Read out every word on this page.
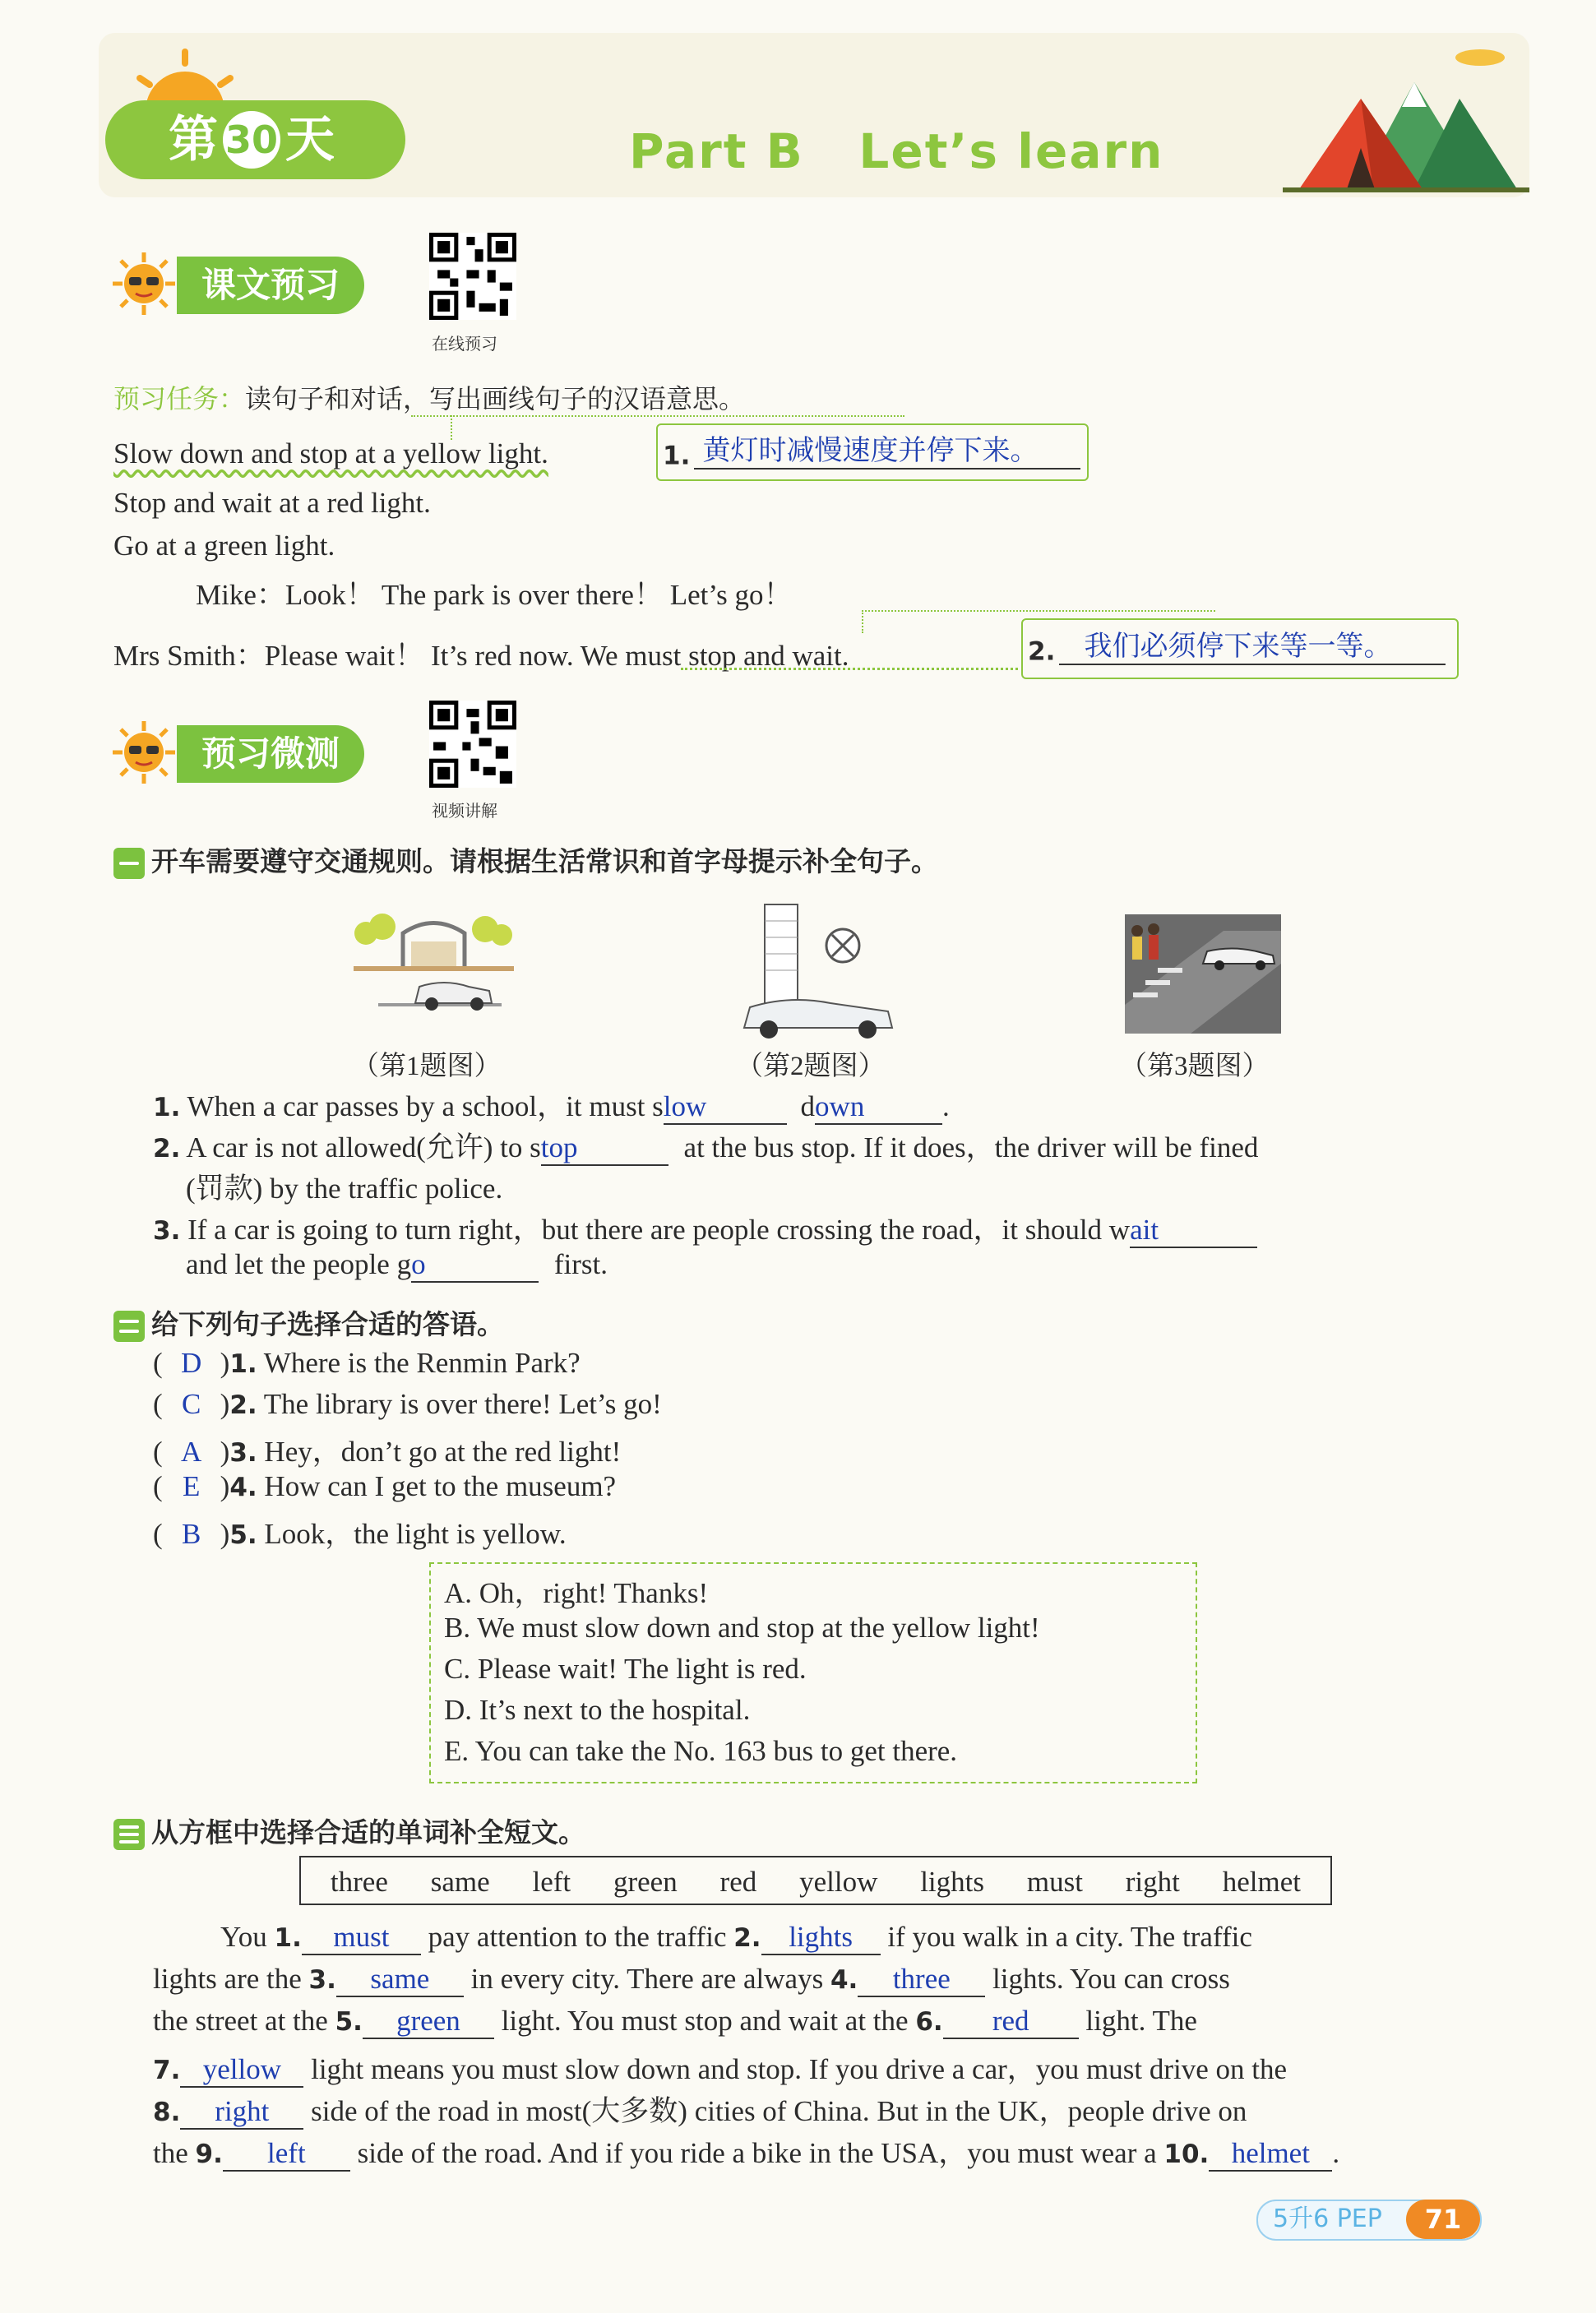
第 30 天	Part B   Let’s learn
课文预习
在线预习
预习任务：读句子和对话，写出画线句子的汉语意思。
Slow down and stop at a yellow light.
Stop and wait at a red light.
Go at a green light.
Mike：Look！ The park is over there！ Let’s go！
Mrs Smith：Please wait！ It’s red now. We must stop and wait.
1. 黄灯时减慢速度并停下来。
2. 我们必须停下来等一等。
预习微测
视频讲解
开车需要遵守交通规则。请根据生活常识和首字母提示补全句子。
（第1题图）	（第2题图）	（第3题图）
1. When a car passes by a school，it must slow	down	.
2. A car is not allowed(允许) to stop	at the bus stop. If it does，the driver will be fined
(罚款) by the traffic police.
3. If a car is going to turn right，but there are people crossing the road，it should wait
and let the people go	first.
给下列句子选择合适的答语。
( D )1. Where is the Renmin Park?
( C )2. The library is over there! Let’s go!
( A )3. Hey，don’t go at the red light!
( E )4. How can I get to the museum?
( B )5. Look，the light is yellow.
A. Oh，right! Thanks!
B. We must slow down and stop at the yellow light!
C. Please wait! The light is red.
D. It’s next to the hospital.
E. You can take the No. 163 bus to get there.
从方框中选择合适的单词补全短文。
three same left green red yellow lights must right helmet
You 1. must pay attention to the traffic 2. lights if you walk in a city. The traffic
lights are the 3. same in every city. There are always 4. three lights. You can cross
the street at the 5. green light. You must stop and wait at the 6. red light. The
7. yellow light means you must slow down and stop. If you drive a car，you must drive on the
8. right side of the road in most(大多数) cities of China. But in the UK，people drive on
the 9. left side of the road. And if you ride a bike in the USA，you must wear a 10. helmet .
5升6 PEP	71
